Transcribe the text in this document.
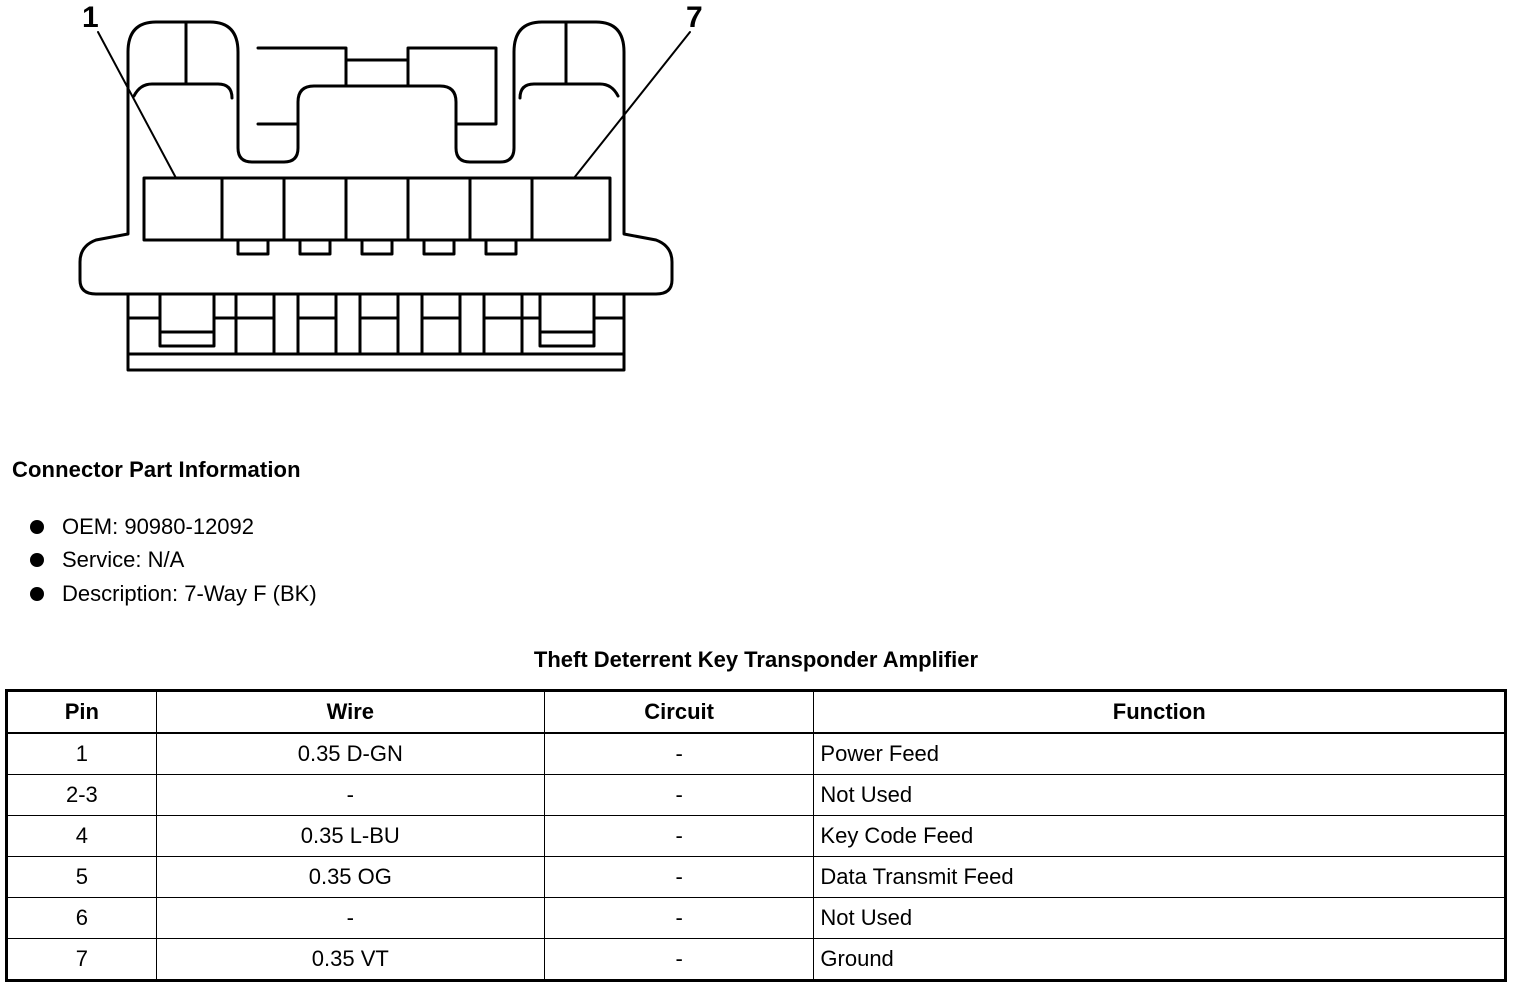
1	7
Connector Part Information
OEM: 90980-12092
Service: N/A
Description: 7-Way F (BK)
Theft Deterrent Key Transponder Amplifier
Pin	Wire	Circuit	Function
1	0.35 D-GN	-	Power Feed
2-3	-	-	Not Used
4	0.35 L-BU	-	Key Code Feed
5	0.35 OG	-	Data Transmit Feed
6	-	-	Not Used
7	0.35 VT	-	Ground
